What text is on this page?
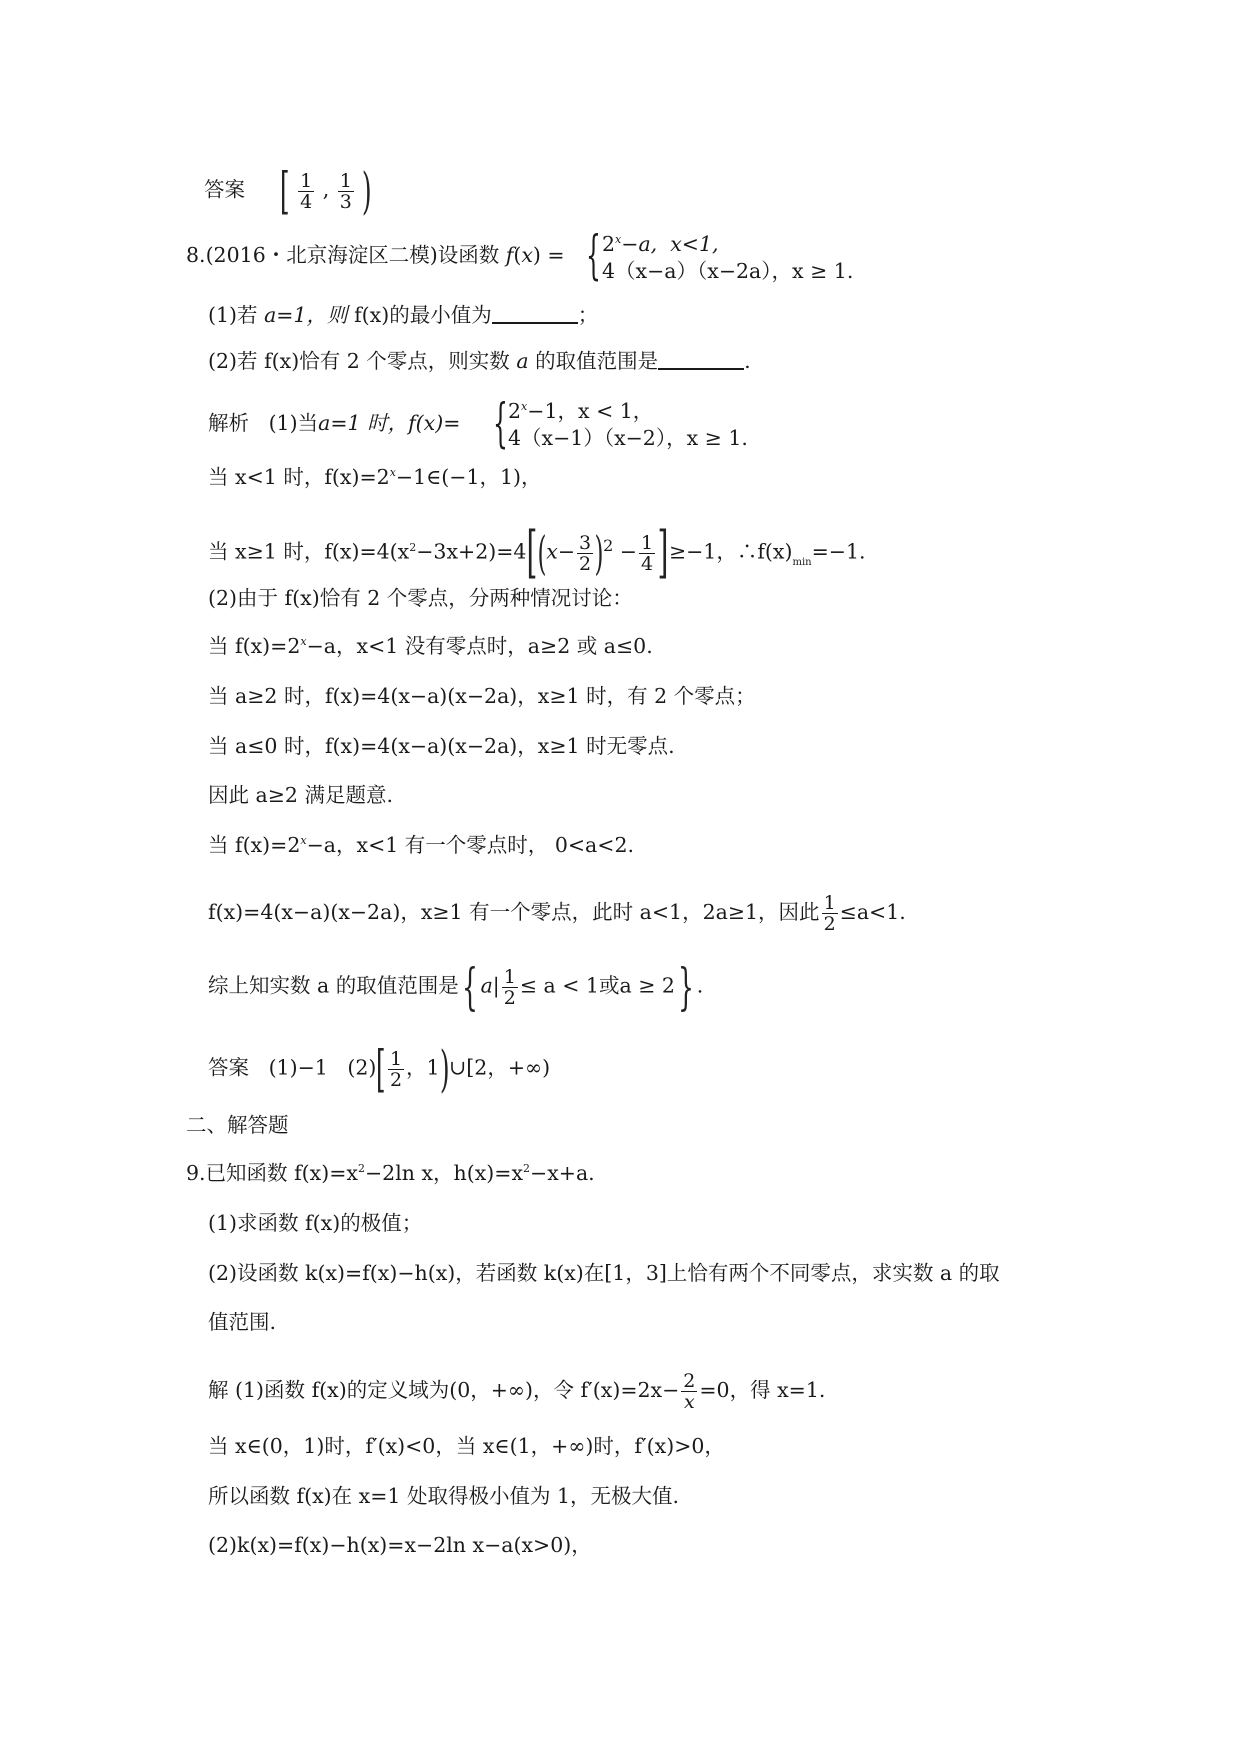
答案 [ $\frac{1}{4}$ , $\frac{1}{3}$ )
8.(2016・北京海淀区二模)设函数 f(x) = { $2^x-a$, x<1,
4（x−a）（x−2a），x ≥ 1.
(1)若 a=1，则 f(x)的最小值为	；
(2)若 f(x)恰有 2 个零点，则实数 a 的取值范围是	.
解析 (1)当a=1 时，f(x)= { $2^x-1$，x < 1，
4（x−1）（x−2），x ≥ 1.
当 x<1 时，$f(x)=2^x-1\in(-1$，1)，
当 x≥1 时，$f(x)=4(x^2-3x+2)=4[(x- \frac{3}{2} )^2 - \frac{1}{4} ]\ge-1$，$\therefore f(x)_{min}=-1$.
(2)由于 f(x)恰有 2 个零点，分两种情况讨论：
当 $f(x)=2^x-a$，x<1 没有零点时，a≥2 或 a≤0.
当 a≥2 时，f(x)=4(x−a)(x−2a)，x≥1 时，有 2 个零点；
当 a≤0 时，f(x)=4(x−a)(x−2a)，x≥1 时无零点.
因此 a≥2 满足题意.
当 $f(x)=2^x-a$，x<1 有一个零点时， 0<a<2.
f(x)=4(x−a)(x−2a)，x≥1 有一个零点，此时 a<1，2a≥1，因此 $\frac{1}{2} \le a<1$.
综上知实数 a 的取值范围是{ $a| \frac{1}{2} \le a < 1$或a ≥ 2} .
答案 (1)−1 $(2)[ \frac{1}{2}$ ，1)∪[2，+∞)
二、解答题
9.已知函数 $f(x)=x^2-2\ln$ x，$h(x)=x^2-x+a$.
(1)求函数 f(x)的极值；
(2)设函数 k(x)=f(x)−h(x)，若函数 k(x)在[1，3]上恰有两个不同零点，求实数 a 的取
值范围.
解 (1)函数 f(x)的定义域为(0，+∞)，令 $f'(x)=2x- \frac{2}{x} =0$，得 x=1.
当 x∈(0，1)时，f′(x)<0，当 x∈(1，+∞)时，f′(x)>0，
所以函数 f(x)在 x=1 处取得极小值为 1，无极大值.
(2)k(x)=f(x)−h(x)=x−2ln x−a(x>0)，
